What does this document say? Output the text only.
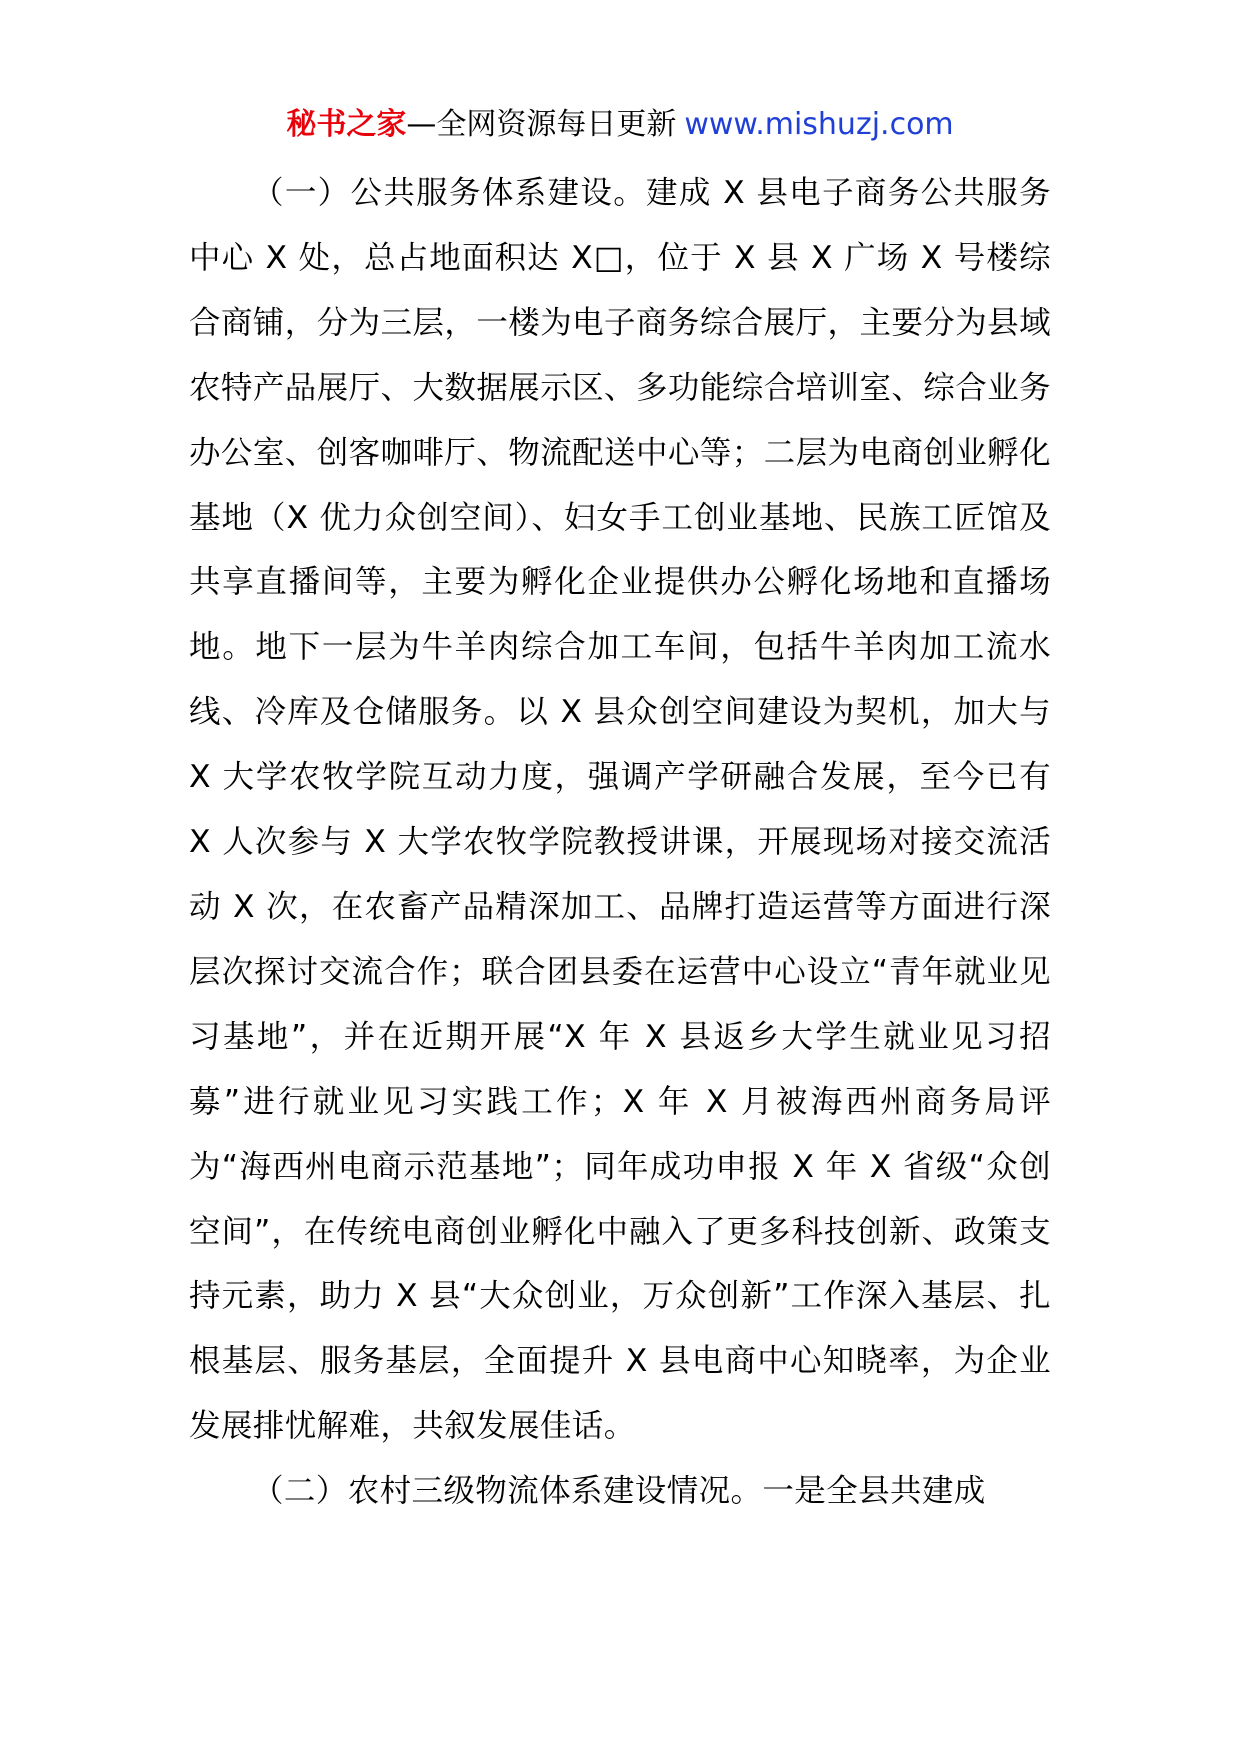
秘书之家—全网资源每日更新 www.mishuzj.com

（一）公共服务体系建设。建成 X 县电子商务公共服务中心 X 处，总占地面积达 X□，位于 X 县 X 广场 X 号楼综合商铺，分为三层，一楼为电子商务综合展厅，主要分为县域农特产品展厅、大数据展示区、多功能综合培训室、综合业务办公室、创客咖啡厅、物流配送中心等；二层为电商创业孵化基地（X 优力众创空间）、妇女手工创业基地、民族工匠馆及共享直播间等，主要为孵化企业提供办公孵化场地和直播场地。地下一层为牛羊肉综合加工车间，包括牛羊肉加工流水线、冷库及仓储服务。以 X 县众创空间建设为契机，加大与 X 大学农牧学院互动力度，强调产学研融合发展，至今已有 X 人次参与 X 大学农牧学院教授讲课，开展现场对接交流活动 X 次，在农畜产品精深加工、品牌打造运营等方面进行深层次探讨交流合作；联合团县委在运营中心设立“青年就业见习基地”，并在近期开展“X 年 X 县返乡大学生就业见习招募”进行就业见习实践工作；X 年 X 月被海西州商务局评为“海西州电商示范基地”；同年成功申报 X 年 X 省级“众创空间”，在传统电商创业孵化中融入了更多科技创新、政策支持元素，助力 X 县“大众创业，万众创新”工作深入基层、扎根基层、服务基层，全面提升 X 县电商中心知晓率，为企业发展排忧解难，共叙发展佳话。

（二）农村三级物流体系建设情况。一是全县共建成
